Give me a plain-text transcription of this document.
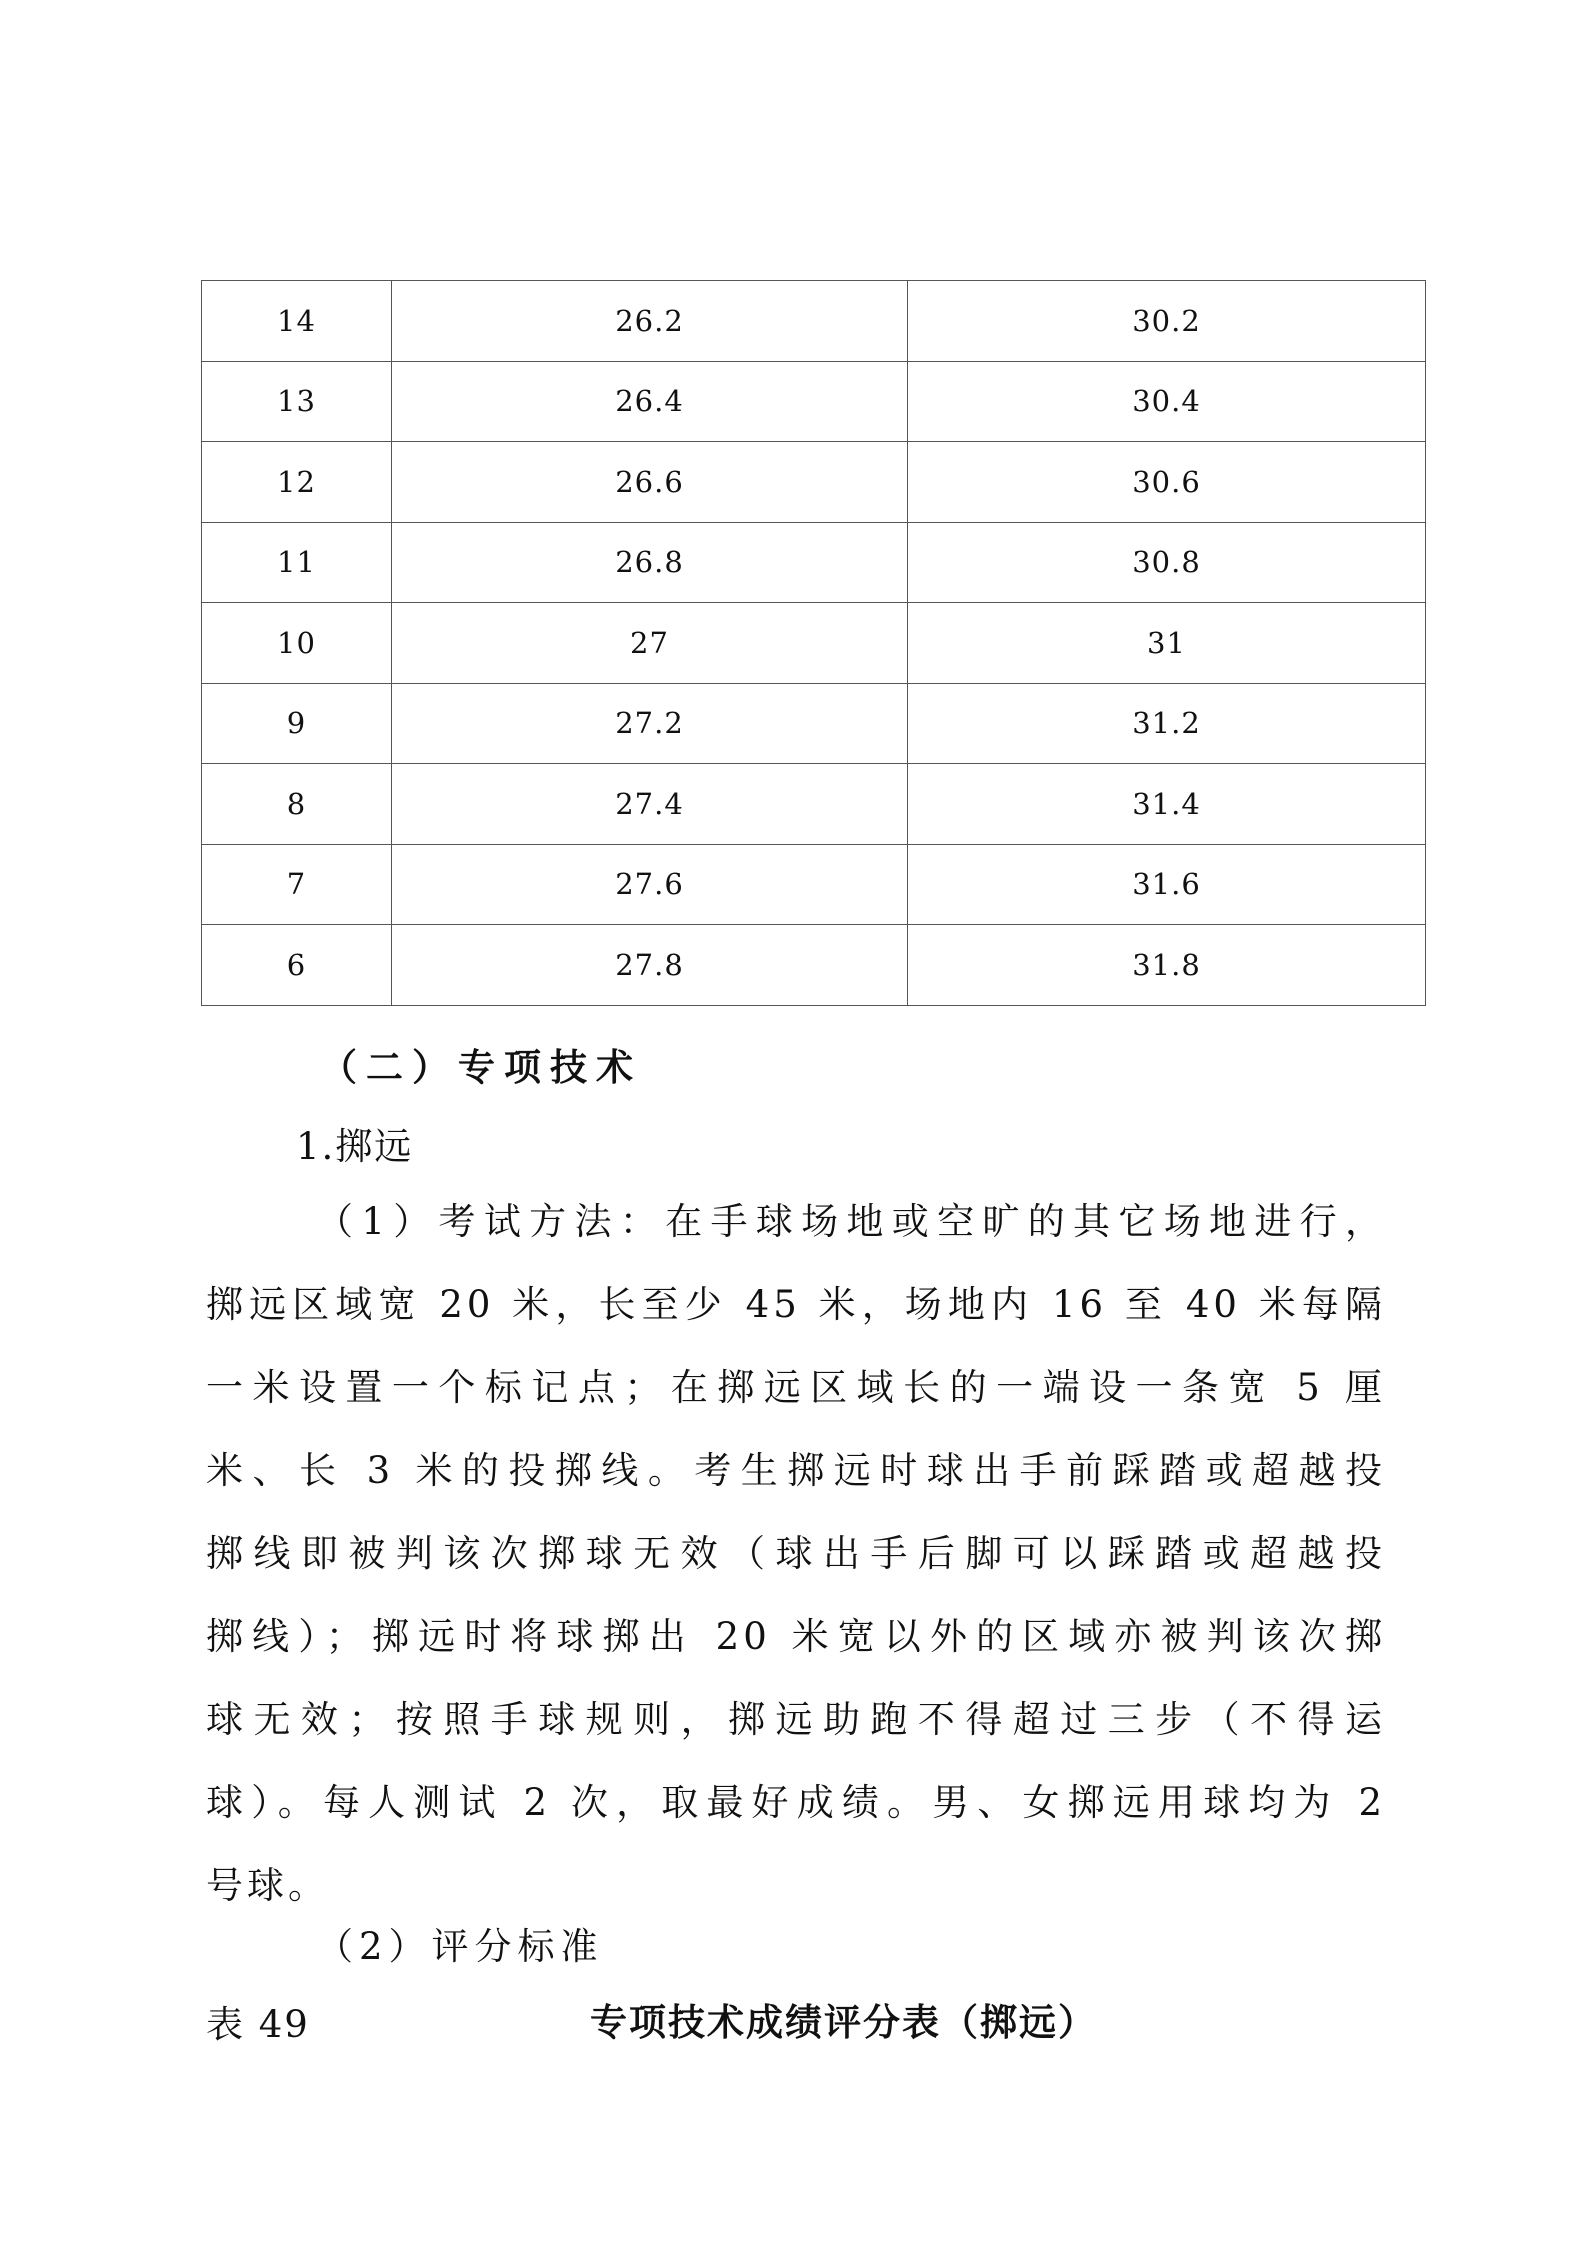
14	26.2	30.2
13	26.4	30.4
12	26.6	30.6
11	26.8	30.8
10	27	31
9	27.2	31.2
8	27.4	31.4
7	27.6	31.6
6	27.8	31.8
（二）专项技术
1.掷远
（1）考试方法：在手球场地或空旷的其它场地进行，
掷远区域宽 20 米，长至少 45 米，场地内 16 至 40 米每隔
一米设置一个标记点；在掷远区域长的一端设一条宽 5 厘
米、长 3 米的投掷线。考生掷远时球出手前踩踏或超越投
掷线即被判该次掷球无效（球出手后脚可以踩踏或超越投
掷线）；掷远时将球掷出 20 米宽以外的区域亦被判该次掷
球无效；按照手球规则，掷远助跑不得超过三步（不得运
球）。每人测试 2 次，取最好成绩。男、女掷远用球均为 2
号球。
（2）评分标准
表 49	专项技术成绩评分表（掷远）
